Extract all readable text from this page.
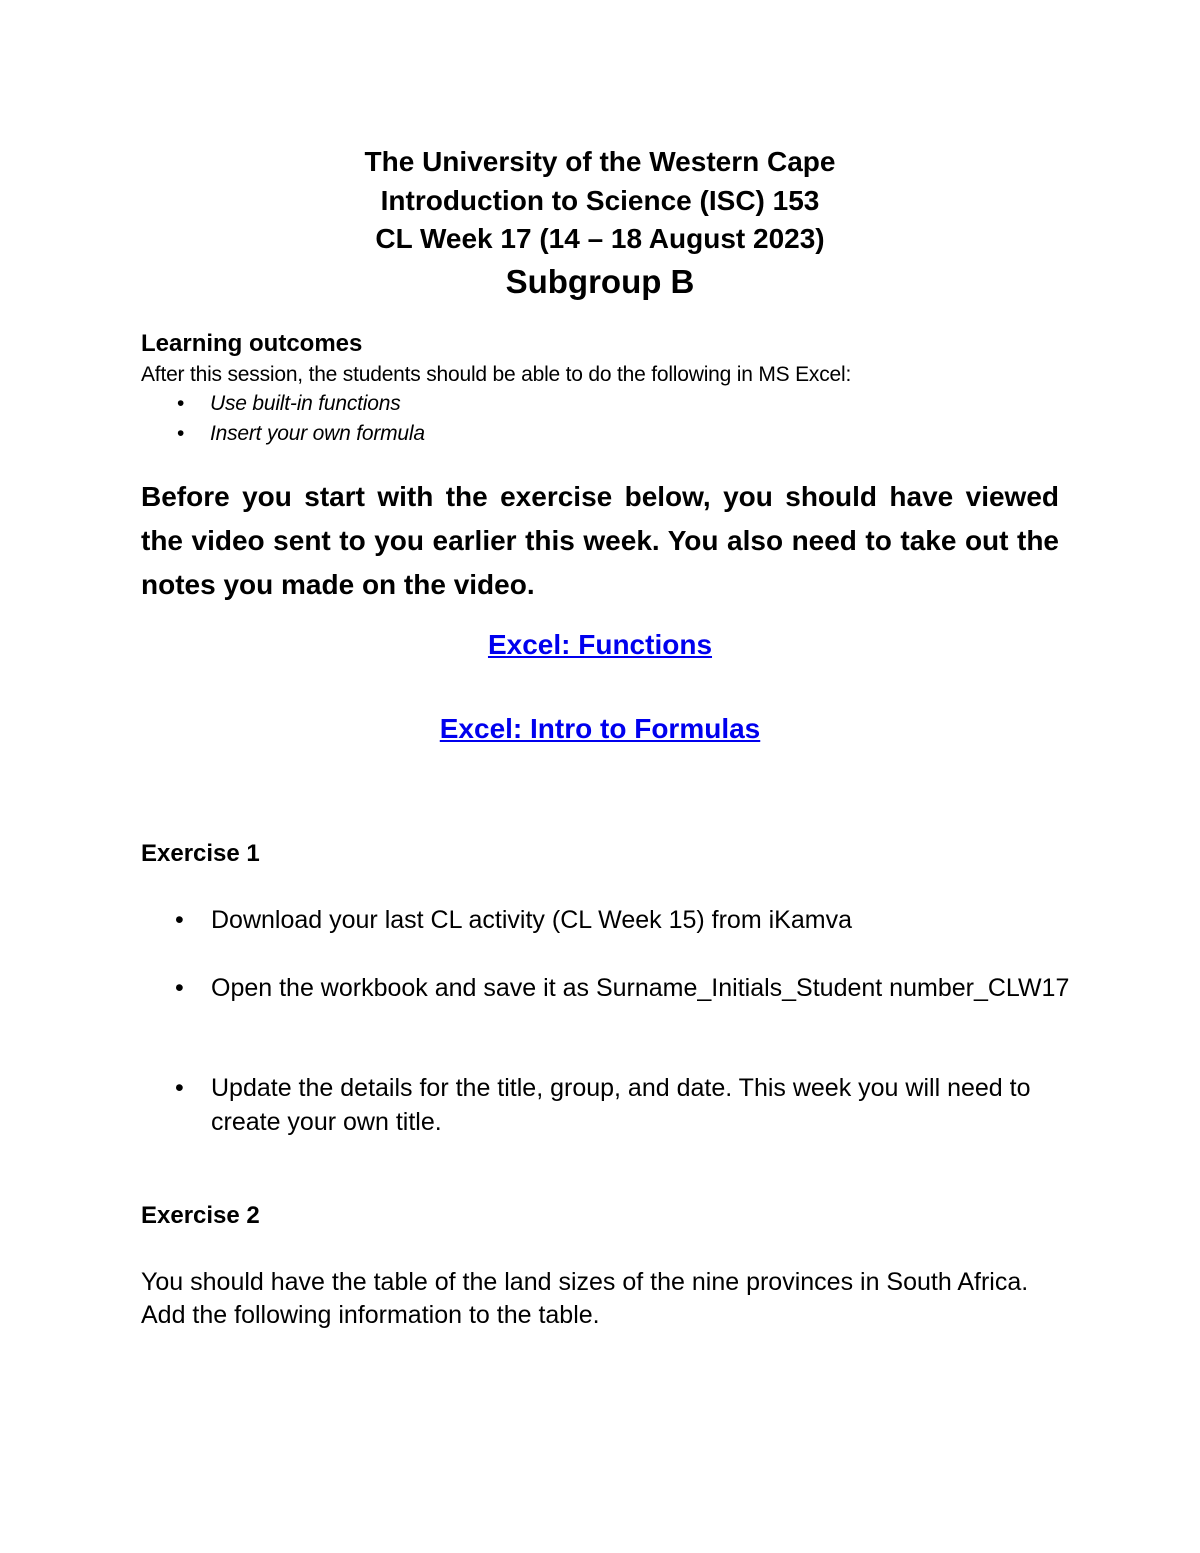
The University of the Western Cape
Introduction to Science (ISC) 153
CL Week 17 (14 – 18 August 2023)
Subgroup B
Learning outcomes
After this session, the students should be able to do the following in MS Excel:
• Use built-in functions
• Insert your own formula
Before you start with the exercise below, you should have viewed the video sent to you earlier this week. You also need to take out the notes you made on the video.
Excel: Functions
Excel: Intro to Formulas
Exercise 1
• Download your last CL activity (CL Week 15) from iKamva
• Open the workbook and save it as Surname_Initials_Student number_CLW17
• Update the details for the title, group, and date. This week you will need to create your own title.
Exercise 2
You should have the table of the land sizes of the nine provinces in South Africa. Add the following information to the table.
